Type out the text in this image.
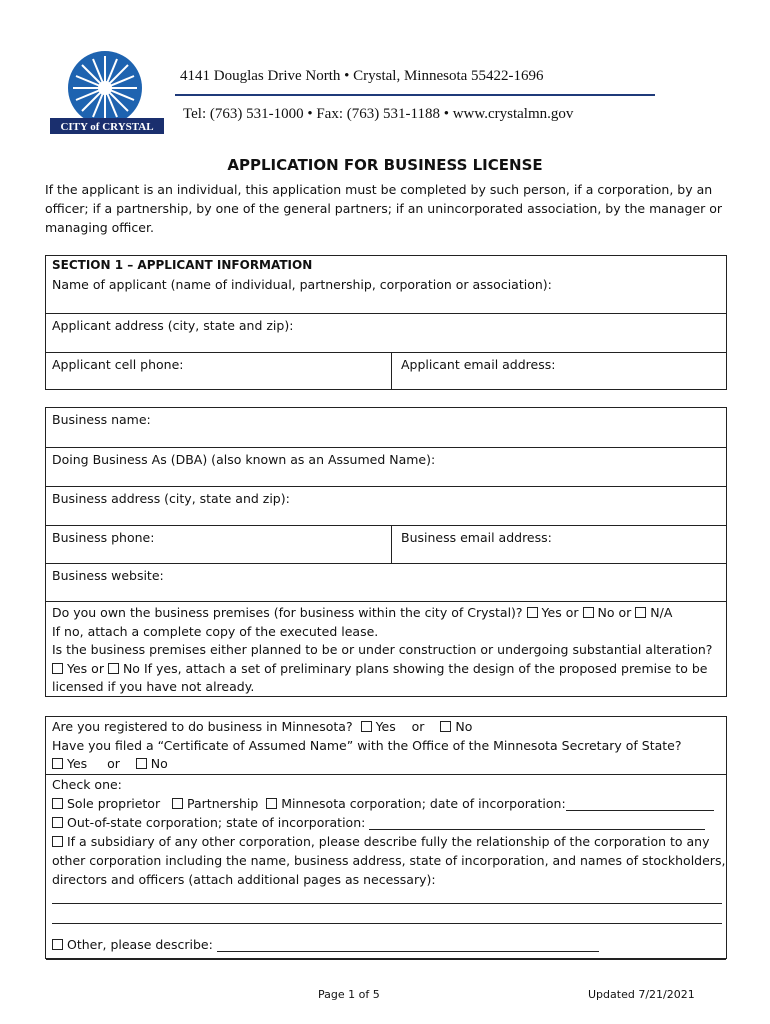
CITY of CRYSTAL
4141 Douglas Drive North • Crystal, Minnesota 55422-1696
Tel: (763) 531-1000 • Fax: (763) 531-1188 • www.crystalmn.gov
APPLICATION FOR BUSINESS LICENSE
If the applicant is an individual, this application must be completed by such person, if a corporation, by an officer; if a partnership, by one of the general partners; if an unincorporated association, by the manager or managing officer.
SECTION 1 – APPLICANT INFORMATION
Name of applicant (name of individual, partnership, corporation or association):
Applicant address (city, state and zip):
Applicant cell phone:	Applicant email address:
Business name:
Doing Business As (DBA) (also known as an Assumed Name):
Business address (city, state and zip):
Business phone:	Business email address:
Business website:
Do you own the business premises (for business within the city of Crystal)? Yes or No or N/A
If no, attach a complete copy of the executed lease.
Is the business premises either planned to be or under construction or undergoing substantial alteration?
Yes or No If yes, attach a set of preliminary plans showing the design of the proposed premise to be
licensed if you have not already.
Are you registered to do business in Minnesota? Yes or No
Have you filed a “Certificate of Assumed Name” with the Office of the Minnesota Secretary of State?
Yes or No
Check one:
Sole proprietor Partnership Minnesota corporation; date of incorporation:
Out-of-state corporation; state of incorporation:
If a subsidiary of any other corporation, please describe fully the relationship of the corporation to any
other corporation including the name, business address, state of incorporation, and names of stockholders,
directors and officers (attach additional pages as necessary):
Other, please describe:
Page 1 of 5	Updated 7/21/2021
